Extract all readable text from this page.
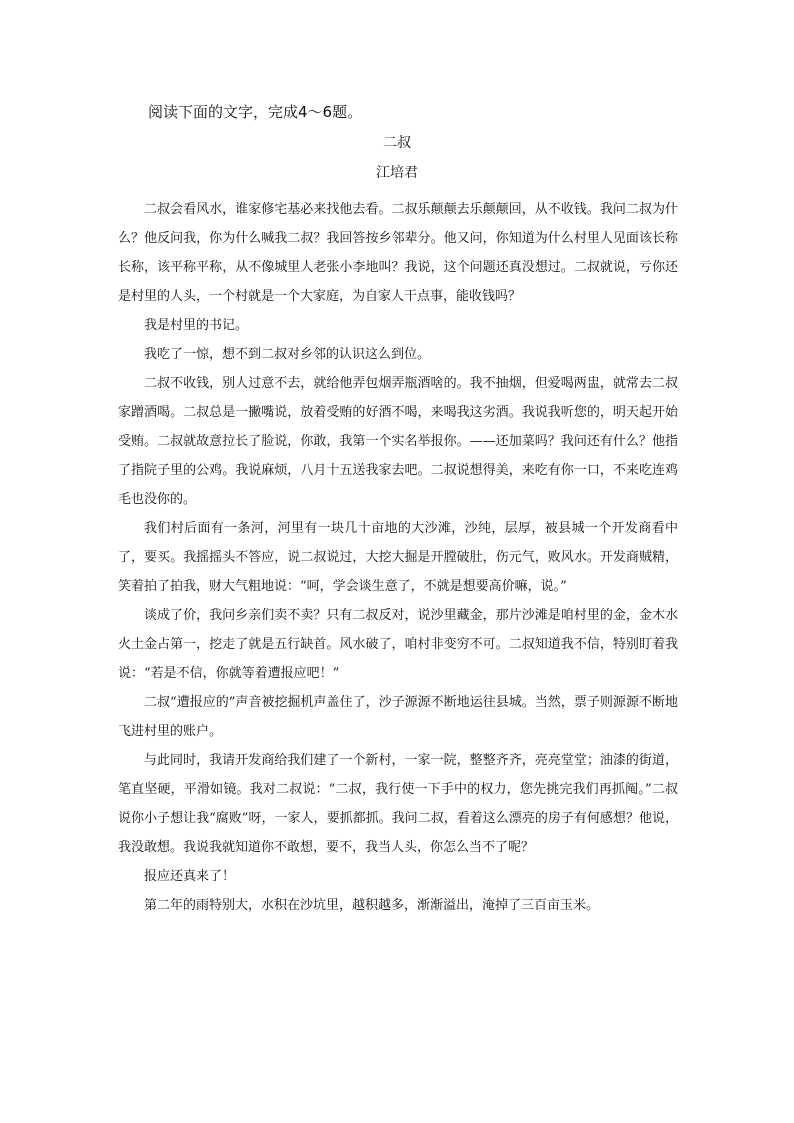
阅读下面的文字，完成4～6题。
二叔
江培君

二叔会看风水，谁家修宅基必来找他去看。二叔乐颠颠去乐颠颠回，从不收钱。我问二叔为什么？他反问我，你为什么喊我二叔？我回答按乡邻辈分。他又问，你知道为什么村里人见面该长称长称，该平称平称，从不像城里人老张小李地叫？我说，这个问题还真没想过。二叔就说，亏你还是村里的人头，一个村就是一个大家庭，为自家人干点事，能收钱吗？

我是村里的书记。

我吃了一惊，想不到二叔对乡邻的认识这么到位。

二叔不收钱，别人过意不去，就给他弄包烟弄瓶酒啥的。我不抽烟，但爱喝两盅，就常去二叔家蹭酒喝。二叔总是一撇嘴说，放着受贿的好酒不喝，来喝我这劣酒。我说我听您的，明天起开始受贿。二叔就故意拉长了脸说，你敢，我第一个实名举报你。——还加菜吗？我问还有什么？他指了指院子里的公鸡。我说麻烦，八月十五送我家去吧。二叔说想得美，来吃有你一口，不来吃连鸡毛也没你的。

我们村后面有一条河，河里有一块几十亩地的大沙滩，沙纯，层厚，被县城一个开发商看中了，要买。我摇摇头不答应，说二叔说过，大挖大掘是开膛破肚，伤元气，败风水。开发商贼精，笑着拍了拍我，财大气粗地说：“呵，学会谈生意了，不就是想要高价嘛，说。”

谈成了价，我问乡亲们卖不卖？只有二叔反对，说沙里藏金，那片沙滩是咱村里的金，金木水火土金占第一，挖走了就是五行缺首。风水破了，咱村非变穷不可。二叔知道我不信，特别盯着我说：“若是不信，你就等着遭报应吧！”

二叔“遭报应的”声音被挖掘机声盖住了，沙子源源不断地运往县城。当然，票子则源源不断地飞进村里的账户。

与此同时，我请开发商给我们建了一个新村，一家一院，整整齐齐，亮亮堂堂；油漆的街道，笔直坚硬，平滑如镜。我对二叔说：“二叔，我行使一下手中的权力，您先挑完我们再抓阄。”二叔说你小子想让我“腐败”呀，一家人，要抓都抓。我问二叔，看着这么漂亮的房子有何感想？他说，我没敢想。我说我就知道你不敢想，要不，我当人头，你怎么当不了呢？

报应还真来了！

第二年的雨特别大，水积在沙坑里，越积越多，渐渐溢出，淹掉了三百亩玉米。
